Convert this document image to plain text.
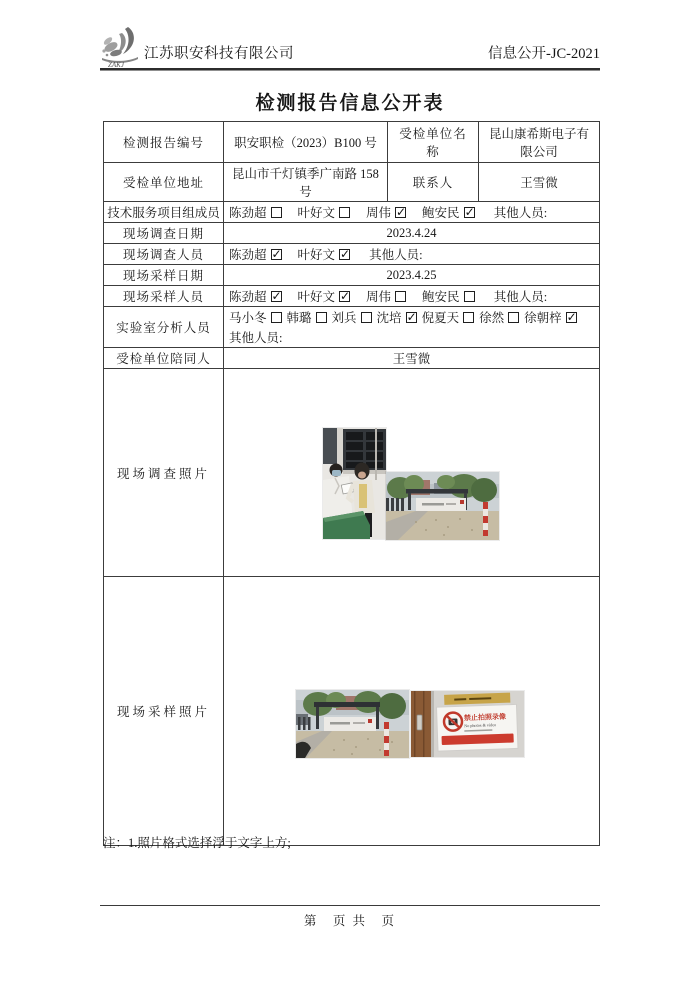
ZAKJ
江苏职安科技有限公司	信息公开-JC-2021
检测报告信息公开表
检测报告编号	职安职检（2023）B100 号	受检单位名称	昆山康希斯电子有限公司
受检单位地址	昆山市千灯镇季广南路 158号	联系人	王雪微
技术服务项目组成员	陈劲超 叶好文 周伟 ✓ 鲍安民✓ 其他人员:
现场调查日期	2023.4.24		
现场调查人员	陈劲超 ✓ 叶好文 ✓ 其他人员:
现场采样日期	2023.4.25		
现场采样人员	陈劲超 ✓ 叶好文 ✓ 周伟 鲍安民 其他人员:
实验室分析人员	马小冬 韩璐 刘兵 沈培 ✓ 倪夏天 徐然 徐朝梓✓
其他人员:

受检单位陪同人	王雪微		
现场调查照片	

现场采样照片	禁止拍照录像
No photos & video		
注：1.照片格式选择浮于文字上方;
第　页 共　页
